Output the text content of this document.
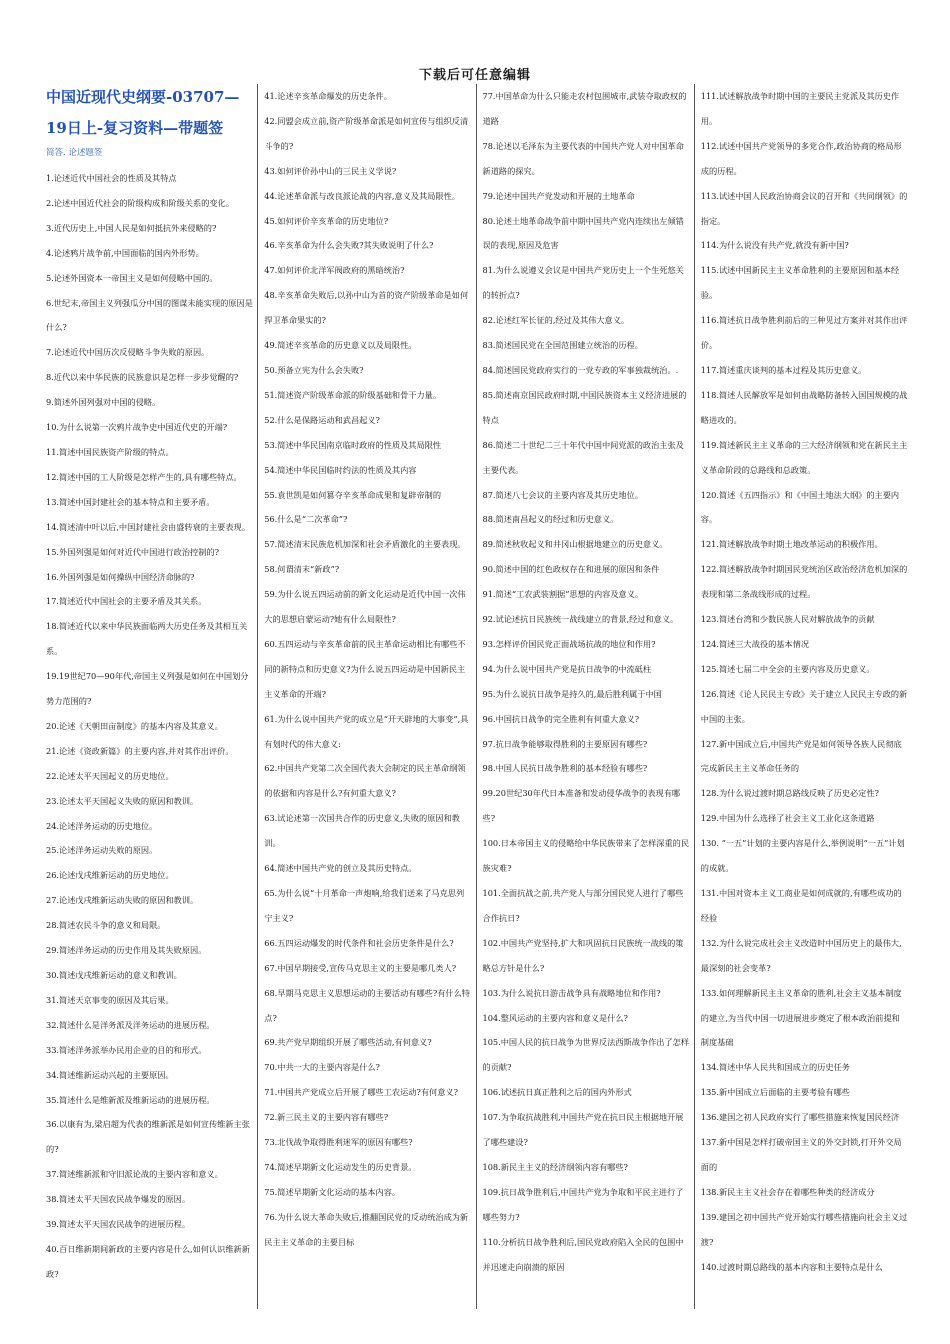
下载后可任意编辑
中国近现代史纲要-03707—19日上-复习资料—带题签
简答. 论述题签
1.论述近代中国社会的性质及其特点
2.论述中国近代社会的阶级构成和阶级关系的变化。
3.近代历史上,中国人民是如何抵抗外来侵略的?
4.论述鸦片战争前,中国面临的国内外形势。
5.论述外国资本一帝国主义是如何侵略中国的。
6.世纪末,帝国主义列强瓜分中国的图谋未能实现的原因是什么?
7.论述近代中国历次反侵略斗争失败的原因。
8.近代以来中华民族的民族意识是怎样一步步觉醒的?
9.简述外国列强对中国的侵略。
10.为什么说第一次鸦片战争史中国近代史的开端?
11.简述中国民族资产阶级的特点。
12.简述中国的工人阶级是怎样产生的,具有哪些特点。
13.简述中国封建社会的基本特点和主要矛盾。
14.简述清中叶以后,中国封建社会由盛转衰的主要表现。
15.外国列强是如何对近代中国进行政治控制的?
16.外国列强是如何操纵中国经济命脉的?
17.简述近代中国社会的主要矛盾及其关系。
18.简述近代以来中华民族面临两大历史任务及其相互关系。
19.19世纪70—90年代,帝国主义列强是如何在中国划分势力范围的?
20.论述《天朝田亩制度》的基本内容及其意义。
21.论述《资政新篇》的主要内容,并对其作出评价。
22.论述太平天国起义的历史地位。
23.论述太平天国起义失败的原因和教训。
24.论述洋务运动的历史地位。
25.论述洋务运动失败的原因。
26.论述戊戌维新运动的历史地位。
27.论述戊戌维新运动失败的原因和教训。
28.简述农民斗争的意义和局限。
29.简述洋务运动的历史作用及其失败原因。
30.简述戊戌维新运动的意义和教训。
31.简述天京事变的原因及其后果。
32.简述什么是洋务派及洋务运动的进展历程。
33.简述洋务派举办民用企业的目的和形式。
34.简述维新运动兴起的主要原因。
35.简述什么是维新派及维新运动的进展历程。
36.以康有为,梁启超为代表的维新派是如何宣传维新主张的?
37.简述维新派和守旧派论战的主要内容和意义。
38.简述太平天国农民战争爆发的原因。
39.简述太平天国农民战争的进展历程。
40.百日维新期间新政的主要内容是什么,如何认识维新新政?
41.论述辛亥革命爆发的历史条件。
42.同盟会成立前,资产阶级革命派是如何宣传与组织反清斗争的?
43.如何评价孙中山的三民主义学说?
44.论述革命派与改良派论战的内容,意义及其局限性。
45.如何评价辛亥革命的历史地位?
46.辛亥革命为什么会失败?其失败说明了什么?
47.如何评价北洋军阀政府的黑暗统治?
48.辛亥革命失败后,以孙中山为首的资产阶级革命是如何捍卫革命果实的?
49.简述辛亥革命的历史意义以及局限性。
50.预备立宪为什么会失败?
51.简述资产阶级革命派的阶级基础和骨干力量。
52.什么是保路运动和武昌起义?
53.简述中华民国南京临时政府的性质及其局限性
54.简述中华民国临时约法的性质及其内容
55.袁世凯是如何篡夺辛亥革命成果和复辟帝制的
56.什么是“二次革命”?
57.简述清末民族危机加深和社会矛盾激化的主要表现。
58.何谓清末“新政”?
59.为什么说五四运动前的新文化运动是近代中国一次伟大的思想启蒙运动?她有什么局限性?
60.五四运动与辛亥革命前的民主革命运动相比有哪些不同的新特点和历史意义?为什么说五四运动是中国新民主主义革命的开端?
61.为什么说中国共产党的成立是“开天辟地的大事变”,具有划时代的伟大意义:
62.中国共产党第二次全国代表大会制定的民主革命纲领的依据和内容是什么?有何重大意义?
63.试论述第一次国共合作的历史意义,失败的原因和教训。
64.简述中国共产党的创立及其历史特点。
65.为什么说“十月革命一声炮响,给我们送来了马克思列宁主义?
66.五四运动爆发的时代条件和社会历史条件是什么?
67.中国早期接受,宣传马克思主义的主要是哪几类人?
68.早期马克思主义思想运动的主要活动有哪些?有什么特点?
69.共产党早期组织开展了哪些活动,有何意义?
70.中共一大的主要内容是什么?
71.中国共产党成立后开展了哪些工农运动?有何意义?
72.新三民主义的主要内容有哪些?
73.北伐战争取得胜利迷军的原因有哪些?
74.简述早期新文化运动发生的历史背景。
75.简述早期新文化运动的基本内容。
76.为什么说大革命失败后,推翻国民党的反动统治成为新民主主义革命的主要目标
77.中国革命为什么只能走农村包围城市,武装夺取政权的道路
78.论述以毛泽东为主要代表的中国共产党人对中国革命新道路的探究。
79.论述中国共产党发动和开展的土地革命
80.论述土地革命战争前中期中国共产党内连续出左倾错误的表现,原因及危害
81.为什么说遵义会议是中国共产党历史上一个生死悠关的转折点?
82.论述红军长征的,经过及其伟大意义。
83.简述国民党在全国范围建立统治的历程。
84.简述国民党政府实行的一党专政的军事独裁统治。.
85.简述南京国民政府时期,中国民族资本主义经济进展的特点
86.简述二十世纪二三十年代中国中间党派的政治主张及主要代表。
87.简述八七会议的主要内容及其历史地位。
88.简述南昌起义的经过和历史意义。
89.简述秋收起义和井冈山根据地建立的历史意义。
90.简述中国的红色政权存在和进展的原因和条件
91.简述“工农武装割据”思想的内容及意义。
92.试论述抗日民族统一战线建立的背景,经过和意义。
93.怎样评价国民党正面战场抗战的地位和作用?
94.为什么说中国共产党是抗日战争的中流砥柱
95.为什么说抗日战争是持久的,最后胜利属于中国
96.中国抗日战争的完全胜利有何重大意义?
97.抗日战争能够取得胜利的主要原因有哪些?
98.中国人民抗日战争胜利的基本经验有哪些?
99.20世纪30年代日本准备和发动侵华战争的表现有哪些?
100.日本帝国主义的侵略给中华民族带来了怎样深重的民族灾难?
101.全面抗战之前,共产党人与部分国民党人进行了哪些合作抗日?
102.中国共产党坚持,扩大和巩固抗日民族统一战线的策略总方针是什么?
103.为什么说抗日游击战争具有战略地位和作用?
104.整风运动的主要内容和意义是什么?
105.中国人民的抗日战争为世界反法西斯战争作出了怎样的贡献?
106.试述抗日真正胜利之后的国内外形式
107.为争取抗战胜利,中国共产党在抗日民主根据地开展了哪些建设?
108.新民主主义的经济纲领内容有哪些?
109.抗日战争胜利后,中国共产党为争取和平民主进行了哪些努力?
110.分析抗日战争胜利后,国民党政府陷入全民的包围中并迅速走向崩溃的原因
111.试述解放战争时期中国的主要民主党派及其历史作用。
112.试述中国共产党领导的多党合作,政治协商的格局形成的历程。
113.试述中国人民政治协商会议的召开和《共同纲领》的指定。
114.为什么说没有共产党,就没有新中国?
115.试述中国新民主主义革命胜利的主要原因和基本经验。
116.简述抗日战争胜利前后的三种见过方案并对其作出评价。
117.简述重庆谈判的基本过程及其历史意义。
118.简述人民解放军是如何由战略防备转入国国规模的战略进攻的。
119.简述新民主主义革命的三大经济纲领和党在新民主主义革命阶段的总路线和总政策。
120.简述《五四指示》和《中国土地法大纲》的主要内容。
121.简述解放战争时期土地改革运动的积极作用。
122.简述解放战争时期国民党统治区政治经济危机加深的表现和第二条战线形成的过程。
123.简述台湾和少数民族人民对解放战争的贡献
124.简述三大战役的基本情况
125.简述七届二中全会的主要内容及历史意义。
126.简述《论人民民主专政》关于建立人民民主专政的新中国的主张。
127.新中国成立后,中国共产党是如何领导各族人民彻底完成新民主主义革命任务的
128.为什么说过渡时期总路线反映了历史必定性?
129.中国为什么选择了社会主义工业化这条道路
130. “一五”计划的主要内容是什么,举例说明“一五”计划的成就。
131.中国对资本主义工商业是如何成就的,有哪些成功的经验
132.为什么说完成社会主义改造时中国历史上的最伟大,最深刻的社会变革?
133.如何理解新民主主义革命的胜利,社会主义基本制度的建立,为当代中国一切进展进步奠定了根本政治前提和制度基础
134.简述中华人民共和国成立的历史任务
135.新中国成立后面临的主要考验有哪些
136.建国之初人民政府实行了哪些措施来恢复国民经济
137.新中国是怎样打破帝国主义的外交封锁,打开外交局面的
138.新民主主义社会存在着哪些种类的经济成分
139.建国之初中国共产党开始实行哪些措施向社会主义过渡?
140.过渡时期总路线的基本内容和主要特点是什么
